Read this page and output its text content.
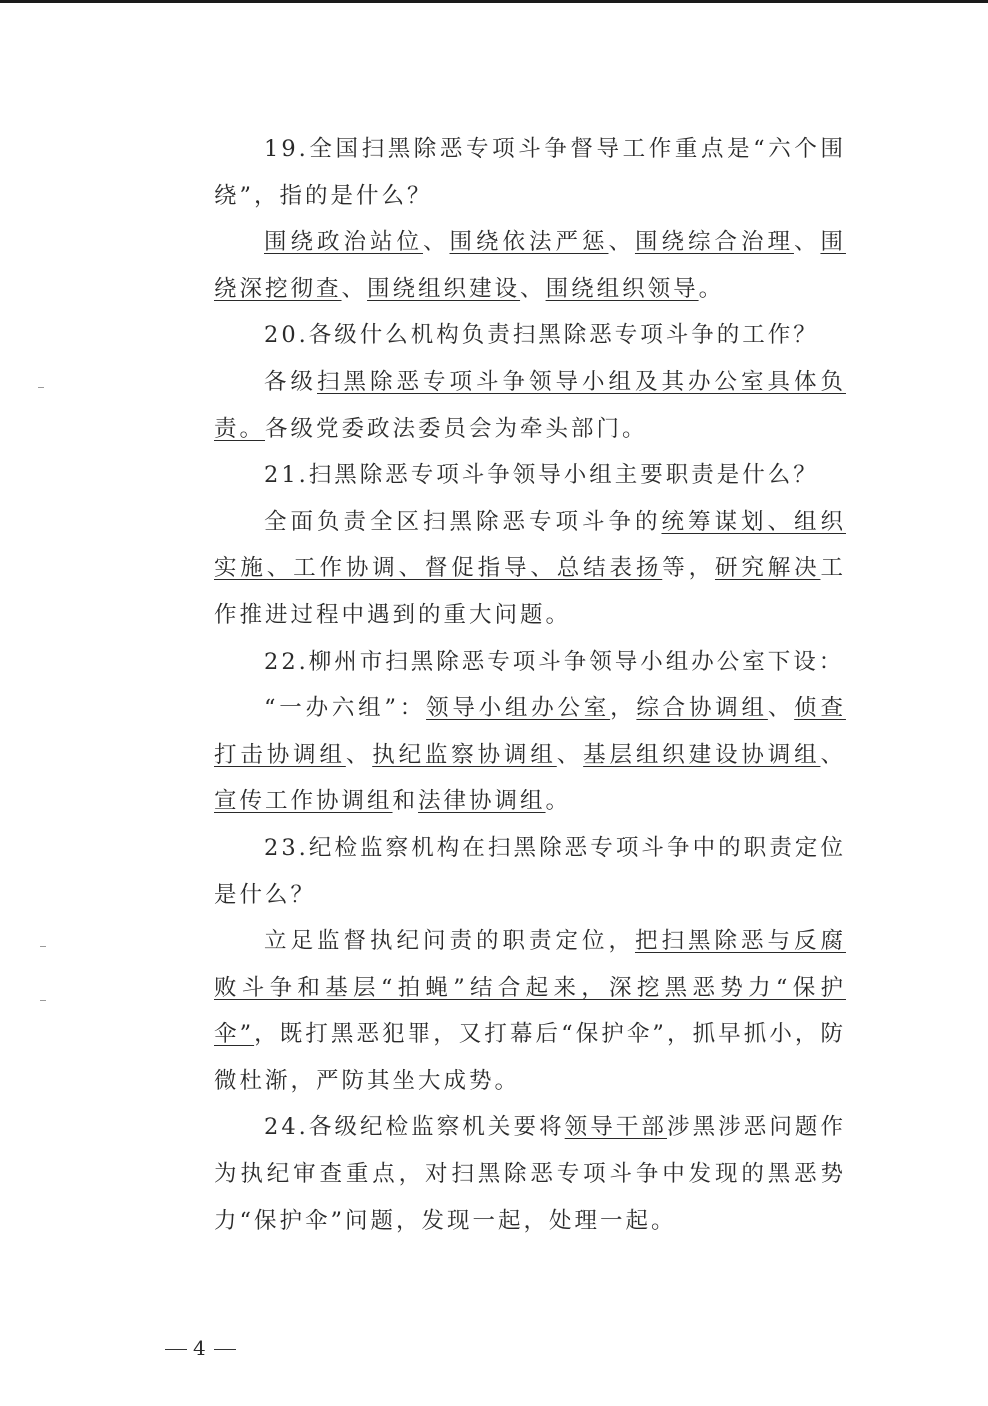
19.全国扫黑除恶专项斗争督导工作重点是“六个围绕”，指的是什么？

围绕政治站位、围绕依法严惩、围绕综合治理、围绕深挖彻查、围绕组织建设、围绕组织领导。

20.各级什么机构负责扫黑除恶专项斗争的工作？

各级扫黑除恶专项斗争领导小组及其办公室具体负责。各级党委政法委员会为牵头部门。

21.扫黑除恶专项斗争领导小组主要职责是什么？

全面负责全区扫黑除恶专项斗争的统筹谋划、组织实施、工作协调、督促指导、总结表扬等，研究解决工作推进过程中遇到的重大问题。

22.柳州市扫黑除恶专项斗争领导小组办公室下设：

“一办六组”：领导小组办公室，综合协调组、侦查打击协调组、执纪监察协调组、基层组织建设协调组、宣传工作协调组和法律协调组。

23.纪检监察机构在扫黑除恶专项斗争中的职责定位是什么？

立足监督执纪问责的职责定位，把扫黑除恶与反腐败斗争和基层“拍蝇”结合起来，深挖黑恶势力“保护伞”，既打黑恶犯罪，又打幕后“保护伞”，抓早抓小，防微杜渐，严防其坐大成势。

24.各级纪检监察机关要将领导干部涉黑涉恶问题作为执纪审查重点，对扫黑除恶专项斗争中发现的黑恶势力“保护伞”问题，发现一起，处理一起。

4
